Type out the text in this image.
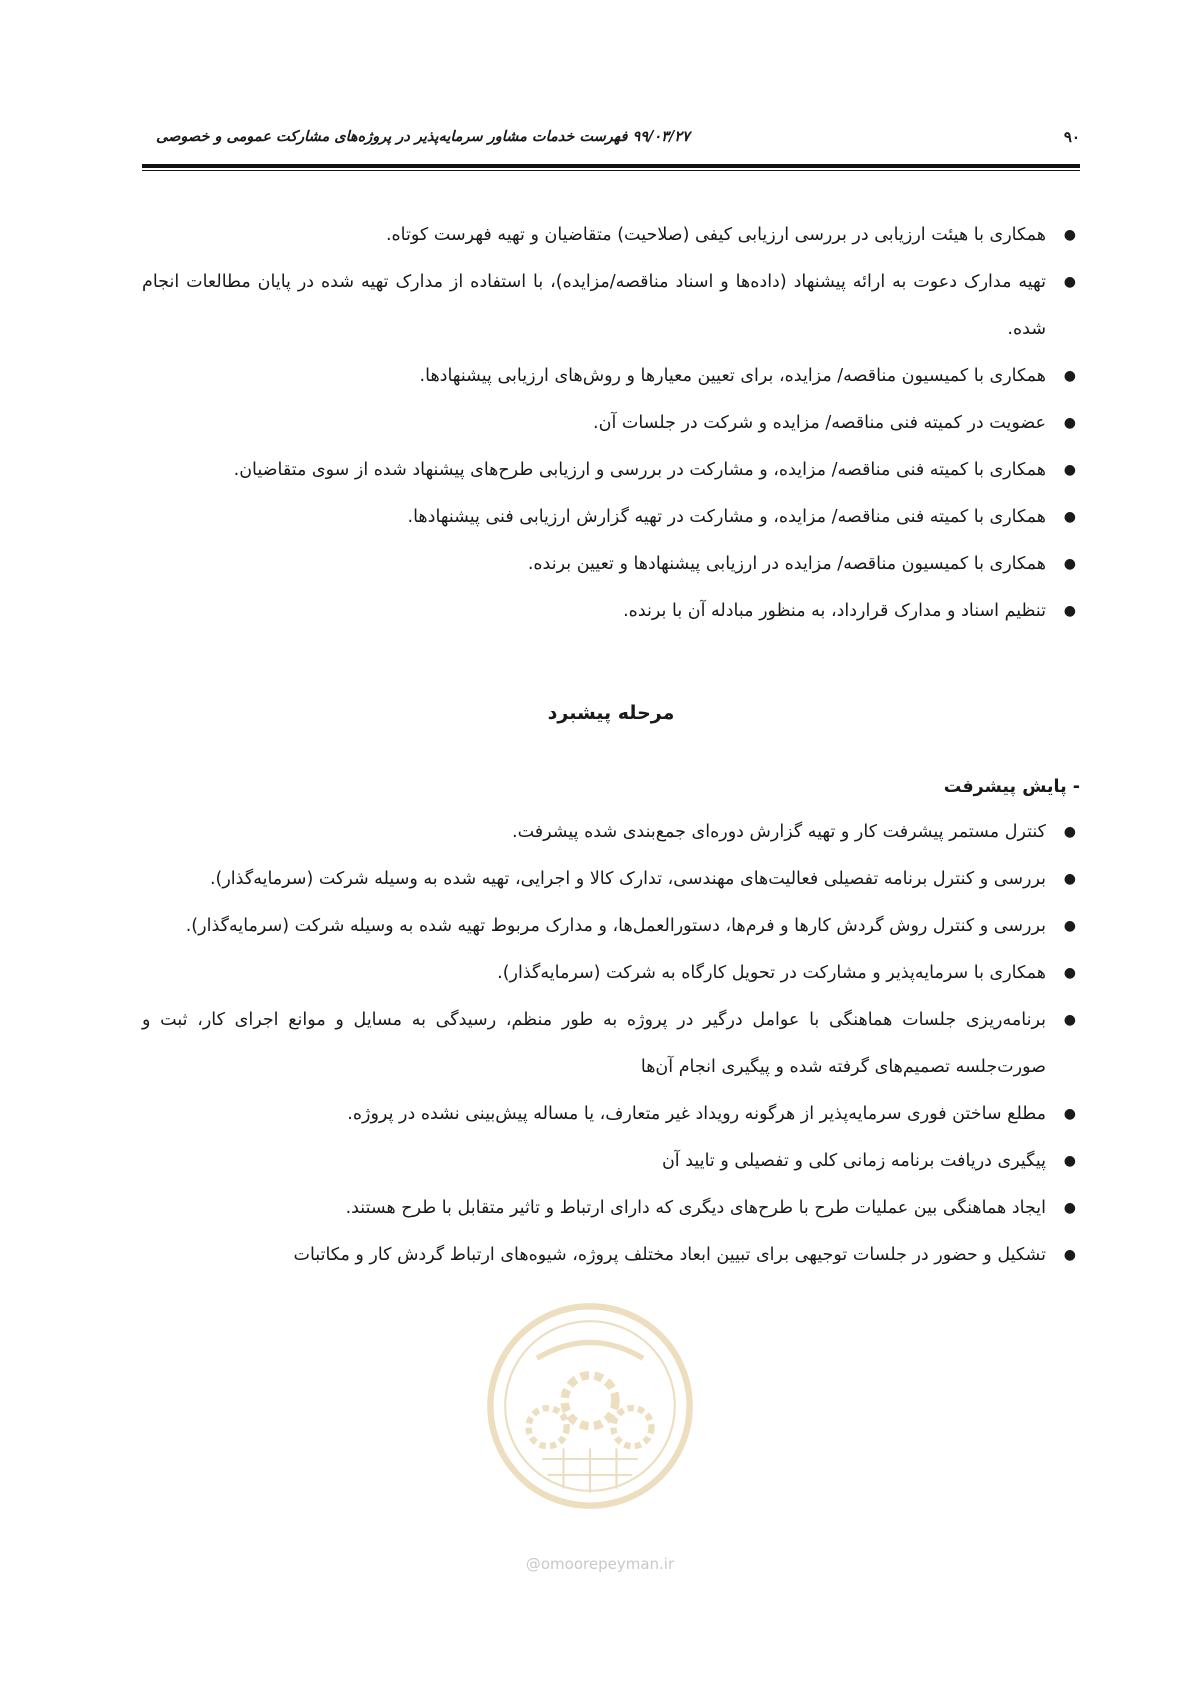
۹۰
۹۹/۰۳/۲۷ فهرست خدمات مشاور سرمایه‌پذیر در پروژه‌های مشارکت عمومی و خصوصی
●
همکاری با هیئت ارزیابی در بررسی ارزیابی کیفی (صلاحیت) متقاضیان و تهیه فهرست کوتاه.
●
تهیه مدارک دعوت به ارائه پیشنهاد (داده‌ها و اسناد مناقصه/مزایده)، با استفاده از مدارک تهیه شده در پایان مطالعات انجام شده.
●
همکاری با کمیسیون مناقصه/ مزایده، برای تعیین معیارها و روش‌های ارزیابی پیشنهادها.
●
عضویت در کمیته فنی مناقصه/ مزایده و شرکت در جلسات آن.
●
همکاری با کمیته فنی مناقصه/ مزایده، و مشارکت در بررسی و ارزیابی طرح‌های پیشنهاد شده از سوی متقاضیان.
●
همکاری با کمیته فنی مناقصه/ مزایده، و مشارکت در تهیه گزارش ارزیابی فنی پیشنهادها.
●
همکاری با کمیسیون مناقصه/ مزایده در ارزیابی پیشنهادها و تعیین برنده.
●
تنظیم اسناد و مدارک قرارداد، به منظور مبادله آن با برنده.
مرحله پیشبرد
- پایش پیشرفت
●
کنترل مستمر پیشرفت کار و تهیه گزارش دوره‌ای جمع‌بندی شده پیشرفت.
●
بررسی و کنترل برنامه تفصیلی فعالیت‌های مهندسی، تدارک کالا و اجرایی، تهیه شده به وسیله شرکت (سرمایه‌گذار).
●
بررسی و کنترل روش گردش کارها و فرم‌ها، دستورالعمل‌ها، و مدارک مربوط تهیه شده به وسیله شرکت (سرمایه‌گذار).
●
همکاری با سرمایه‌پذیر و مشارکت در تحویل کارگاه به شرکت (سرمایه‌گذار).
●
برنامه‌ریزی جلسات هماهنگی با عوامل درگیر در پروژه به طور منظم، رسیدگی به مسایل و موانع اجرای کار، ثبت و صورت‌جلسه تصمیم‌های گرفته شده و پیگیری انجام آن‌ها
●
مطلع ساختن فوری سرمایه‌پذیر از هرگونه رویداد غیر متعارف، یا مساله پیش‌بینی نشده در پروژه.
●
پیگیری دریافت برنامه زمانی کلی و تفصیلی و تایید آن
●
ایجاد هماهنگی بین عملیات طرح با طرح‌های دیگری که دارای ارتباط و تاثیر متقابل با طرح هستند.
●
تشکیل و حضور در جلسات توجیهی برای تبیین ابعاد مختلف پروژه، شیوه‌های ارتباط گردش کار و مکاتبات
@omoorepeyman.ir
